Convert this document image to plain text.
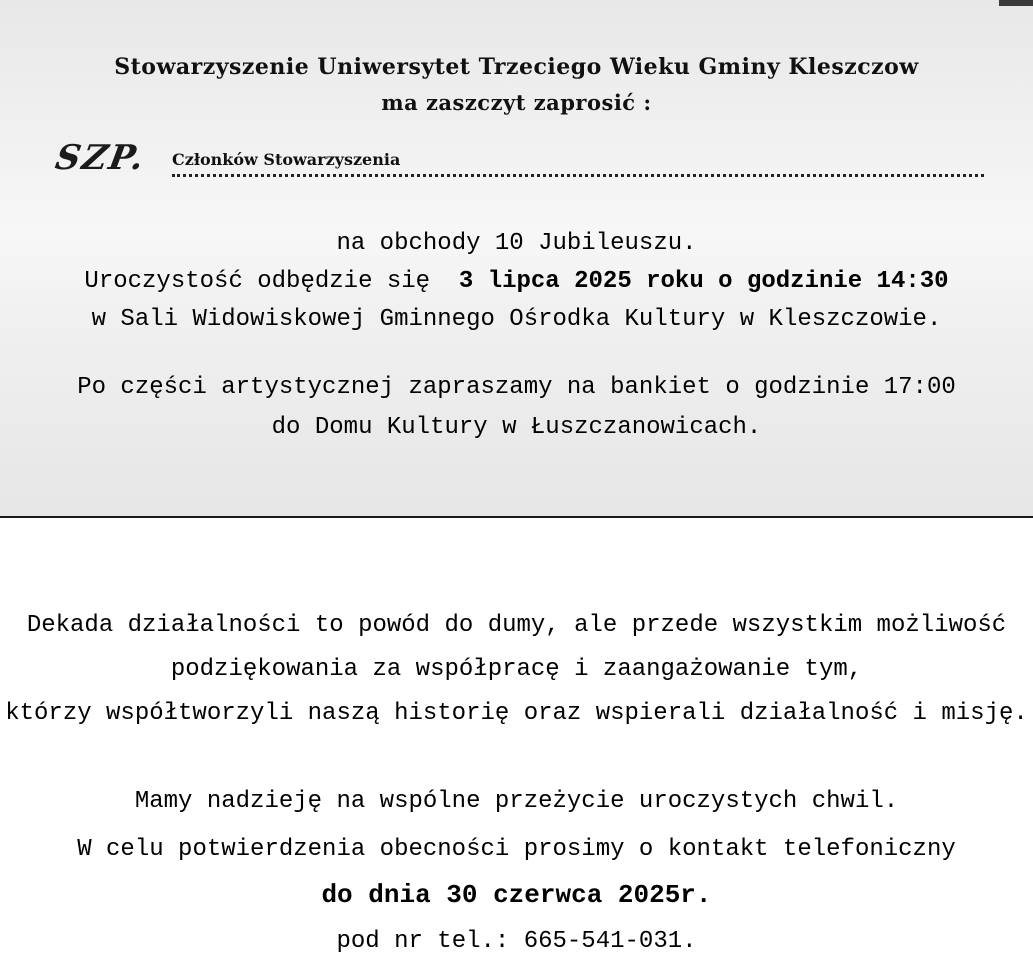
Stowarzyszenie Uniwersytet Trzeciego Wieku Gminy Kleszczow
ma zaszczyt zaprosić :
SZP. Członków Stowarzyszenia
na obchody 10 Jubileuszu.
Uroczystość odbędzie się 3 lipca 2025 roku o godzinie 14:30
w Sali Widowiskowej Gminnego Ośrodka Kultury w Kleszczowie.
Po części artystycznej zapraszamy na bankiet o godzinie 17:00
do Domu Kultury w Łuszczanowicach.
Dekada działalności to powód do dumy, ale przede wszystkim możliwość
podziękowania za współpracę i zaangażowanie tym,
którzy współtworzyli naszą historię oraz wspierali działalność i misję.
Mamy nadzieję na wspólne przeżycie uroczystych chwil.
W celu potwierdzenia obecności prosimy o kontakt telefoniczny
do dnia 30 czerwca 2025r.
pod nr tel.: 665-541-031.
